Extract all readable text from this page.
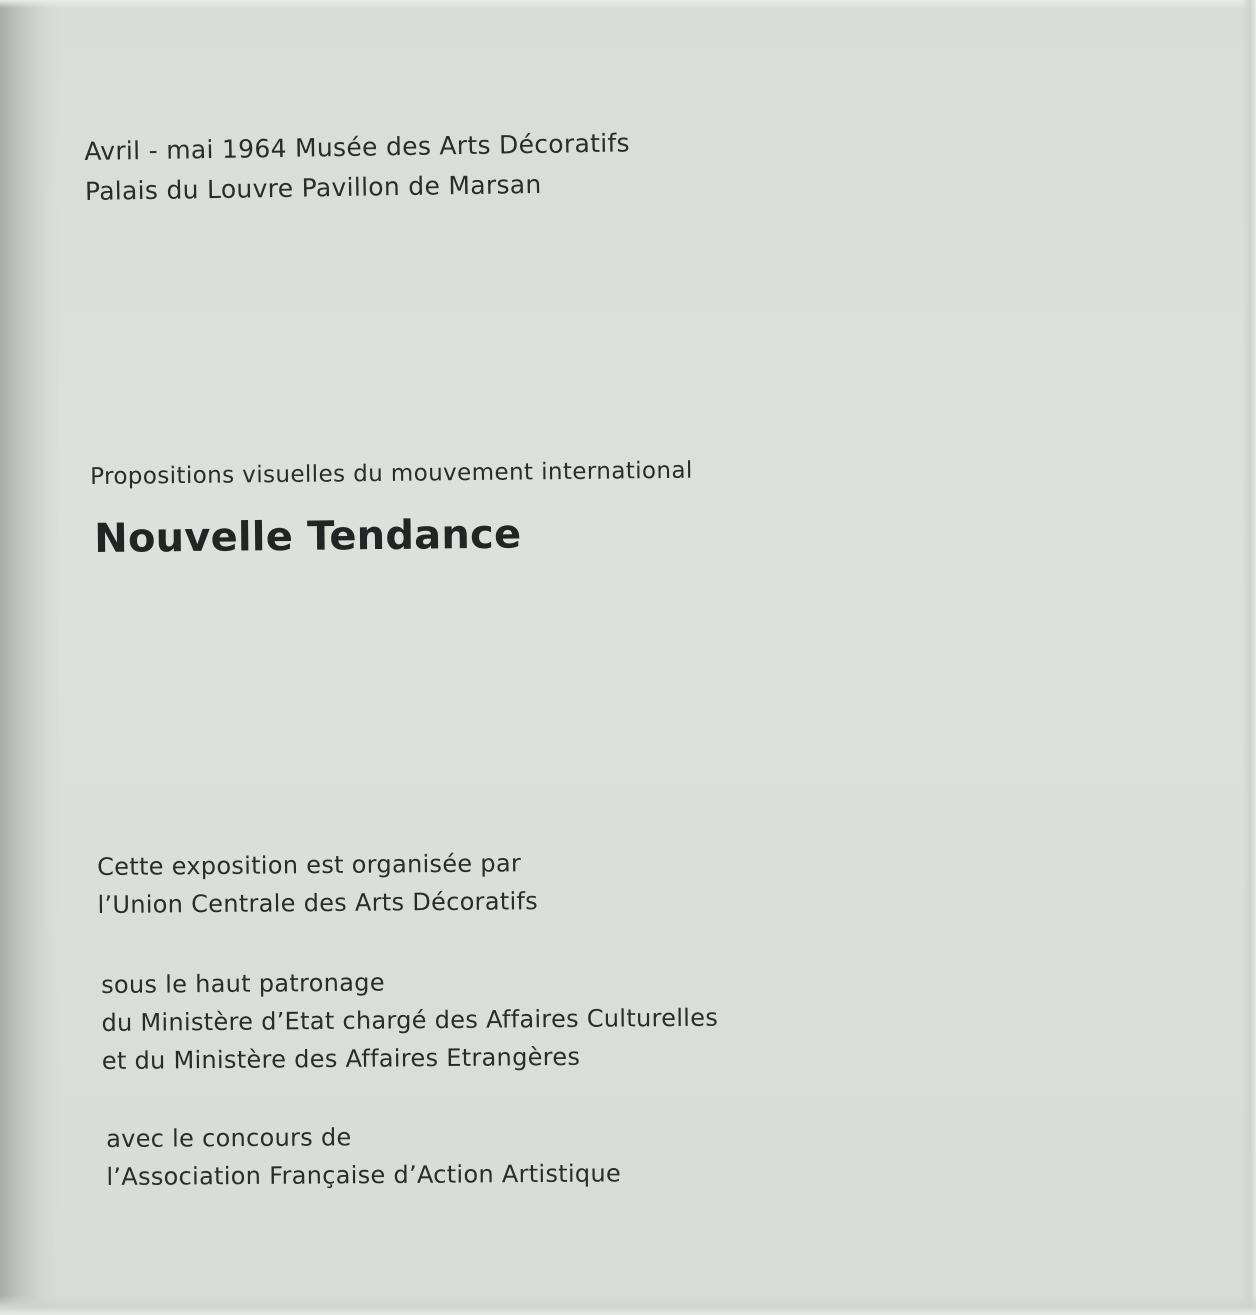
Avril - mai 1964 Musée des Arts Décoratifs
Palais du Louvre Pavillon de Marsan
Propositions visuelles du mouvement international
Nouvelle Tendance
Cette exposition est organisée par
l’Union Centrale des Arts Décoratifs
sous le haut patronage
du Ministère d’Etat chargé des Affaires Culturelles
et du Ministère des Affaires Etrangères
avec le concours de
l’Association Française d’Action Artistique
